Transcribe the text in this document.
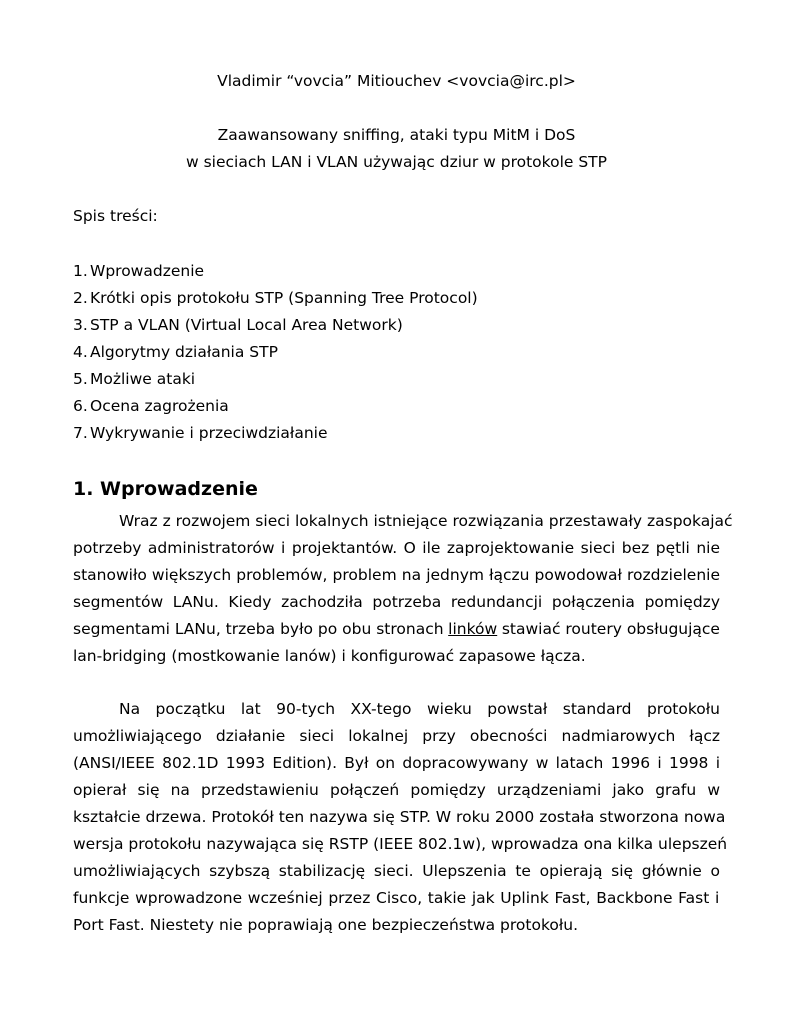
Vladimir “vovcia” Mitiouchev <vovcia@irc.pl>
Zaawansowany sniffing, ataki typu MitM i DoS
w sieciach LAN i VLAN używając dziur w protokole STP
Spis treści:
1. Wprowadzenie
2. Krótki opis protokołu STP (Spanning Tree Protocol)
3. STP a VLAN (Virtual Local Area Network)
4. Algorytmy działania STP
5. Możliwe ataki
6. Ocena zagrożenia
7. Wykrywanie i przeciwdziałanie
1. Wprowadzenie
Wraz z rozwojem sieci lokalnych istniejące rozwiązania przestawały zaspokajać
potrzeby administratorów i projektantów. O ile zaprojektowanie sieci bez pętli nie
stanowiło większych problemów, problem na jednym łączu powodował rozdzielenie
segmentów LANu. Kiedy zachodziła potrzeba redundancji połączenia pomiędzy
segmentami LANu, trzeba było po obu stronach linków stawiać routery obsługujące
lan-bridging (mostkowanie lanów) i konfigurować zapasowe łącza.
Na początku lat 90-tych XX-tego wieku powstał standard protokołu
umożliwiającego działanie sieci lokalnej przy obecności nadmiarowych łącz
(ANSI/IEEE 802.1D 1993 Edition). Był on dopracowywany w latach 1996 i 1998 i
opierał się na przedstawieniu połączeń pomiędzy urządzeniami jako grafu w
kształcie drzewa. Protokół ten nazywa się STP. W roku 2000 została stworzona nowa
wersja protokołu nazywająca się RSTP (IEEE 802.1w), wprowadza ona kilka ulepszeń
umożliwiających szybszą stabilizację sieci. Ulepszenia te opierają się głównie o
funkcje wprowadzone wcześniej przez Cisco, takie jak Uplink Fast, Backbone Fast i
Port Fast. Niestety nie poprawiają one bezpieczeństwa protokołu.
